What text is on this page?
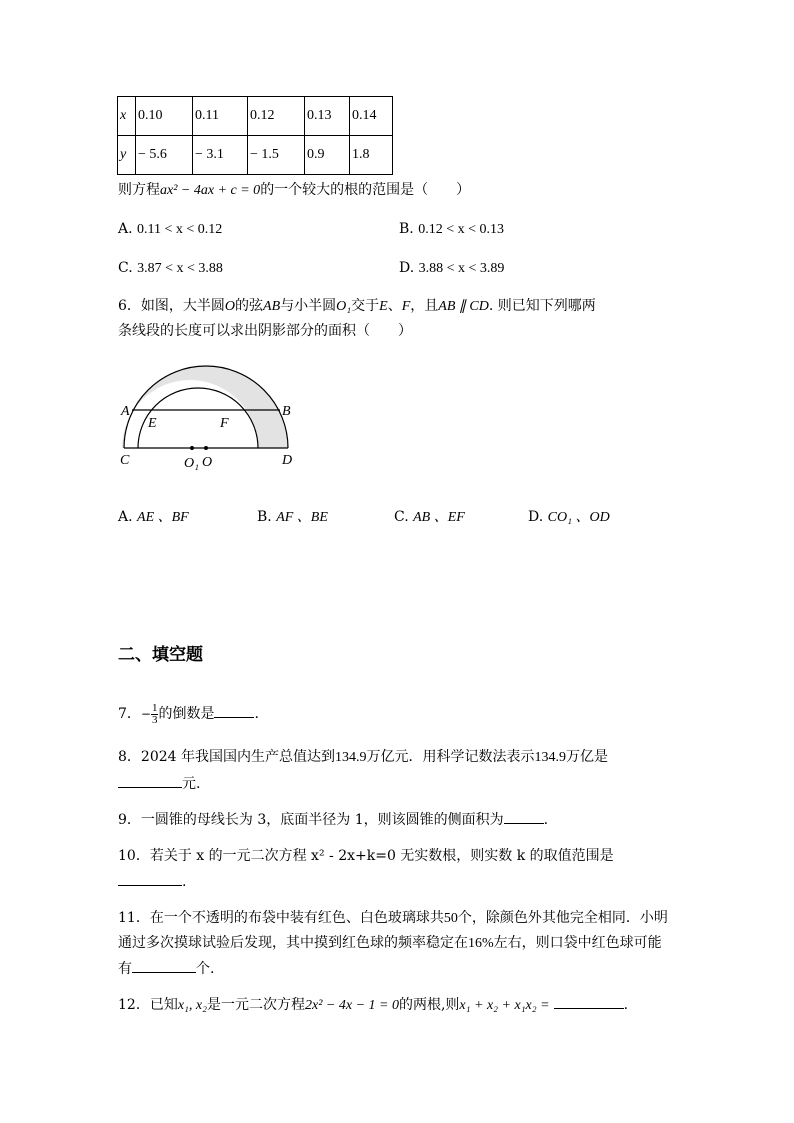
x	0.10	0.11	0.12	0.13	0.14
y	− 5.6	− 3.1	− 1.5	0.9	1.8
则方程ax² − 4ax + c = 0的一个较大的根的范围是（　　）
A. 0.11 < x < 0.12	B. 0.12 < x < 0.13
C. 3.87 < x < 3.88	D. 3.88 < x < 3.89
6．如图，大半圆O的弦AB与小半圆O₁交于E、F，且AB ∥ CD. 则已知下列哪两
条线段的长度可以求出阴影部分的面积（　　）
A	B
E	F
C	D
O₁ O
A. AE 、BF	B. AF 、BE	C. AB 、EF	D. CO₁ 、OD
二、填空题
7．− $\frac{1}{3}$ 的倒数是	.
8．2024 年我国国内生产总值达到134.9万亿元．用科学记数法表示134.9万亿是
元.
9．一圆锥的母线长为 3，底面半径为 1，则该圆锥的侧面积为	.
10．若关于 x 的一元二次方程 x² - 2x+k=0 无实数根，则实数 k 的取值范围是
.
11．在一个不透明的布袋中装有红色、白色玻璃球共50个，除颜色外其他完全相同．小明
通过多次摸球试验后发现，其中摸到红色球的频率稳定在16%左右，则口袋中红色球可能
有	个.
12．已知x₁, x₂是一元二次方程2x² − 4x − 1 = 0的两根,则x₁ + x₂ + x₁x₂ =	.
